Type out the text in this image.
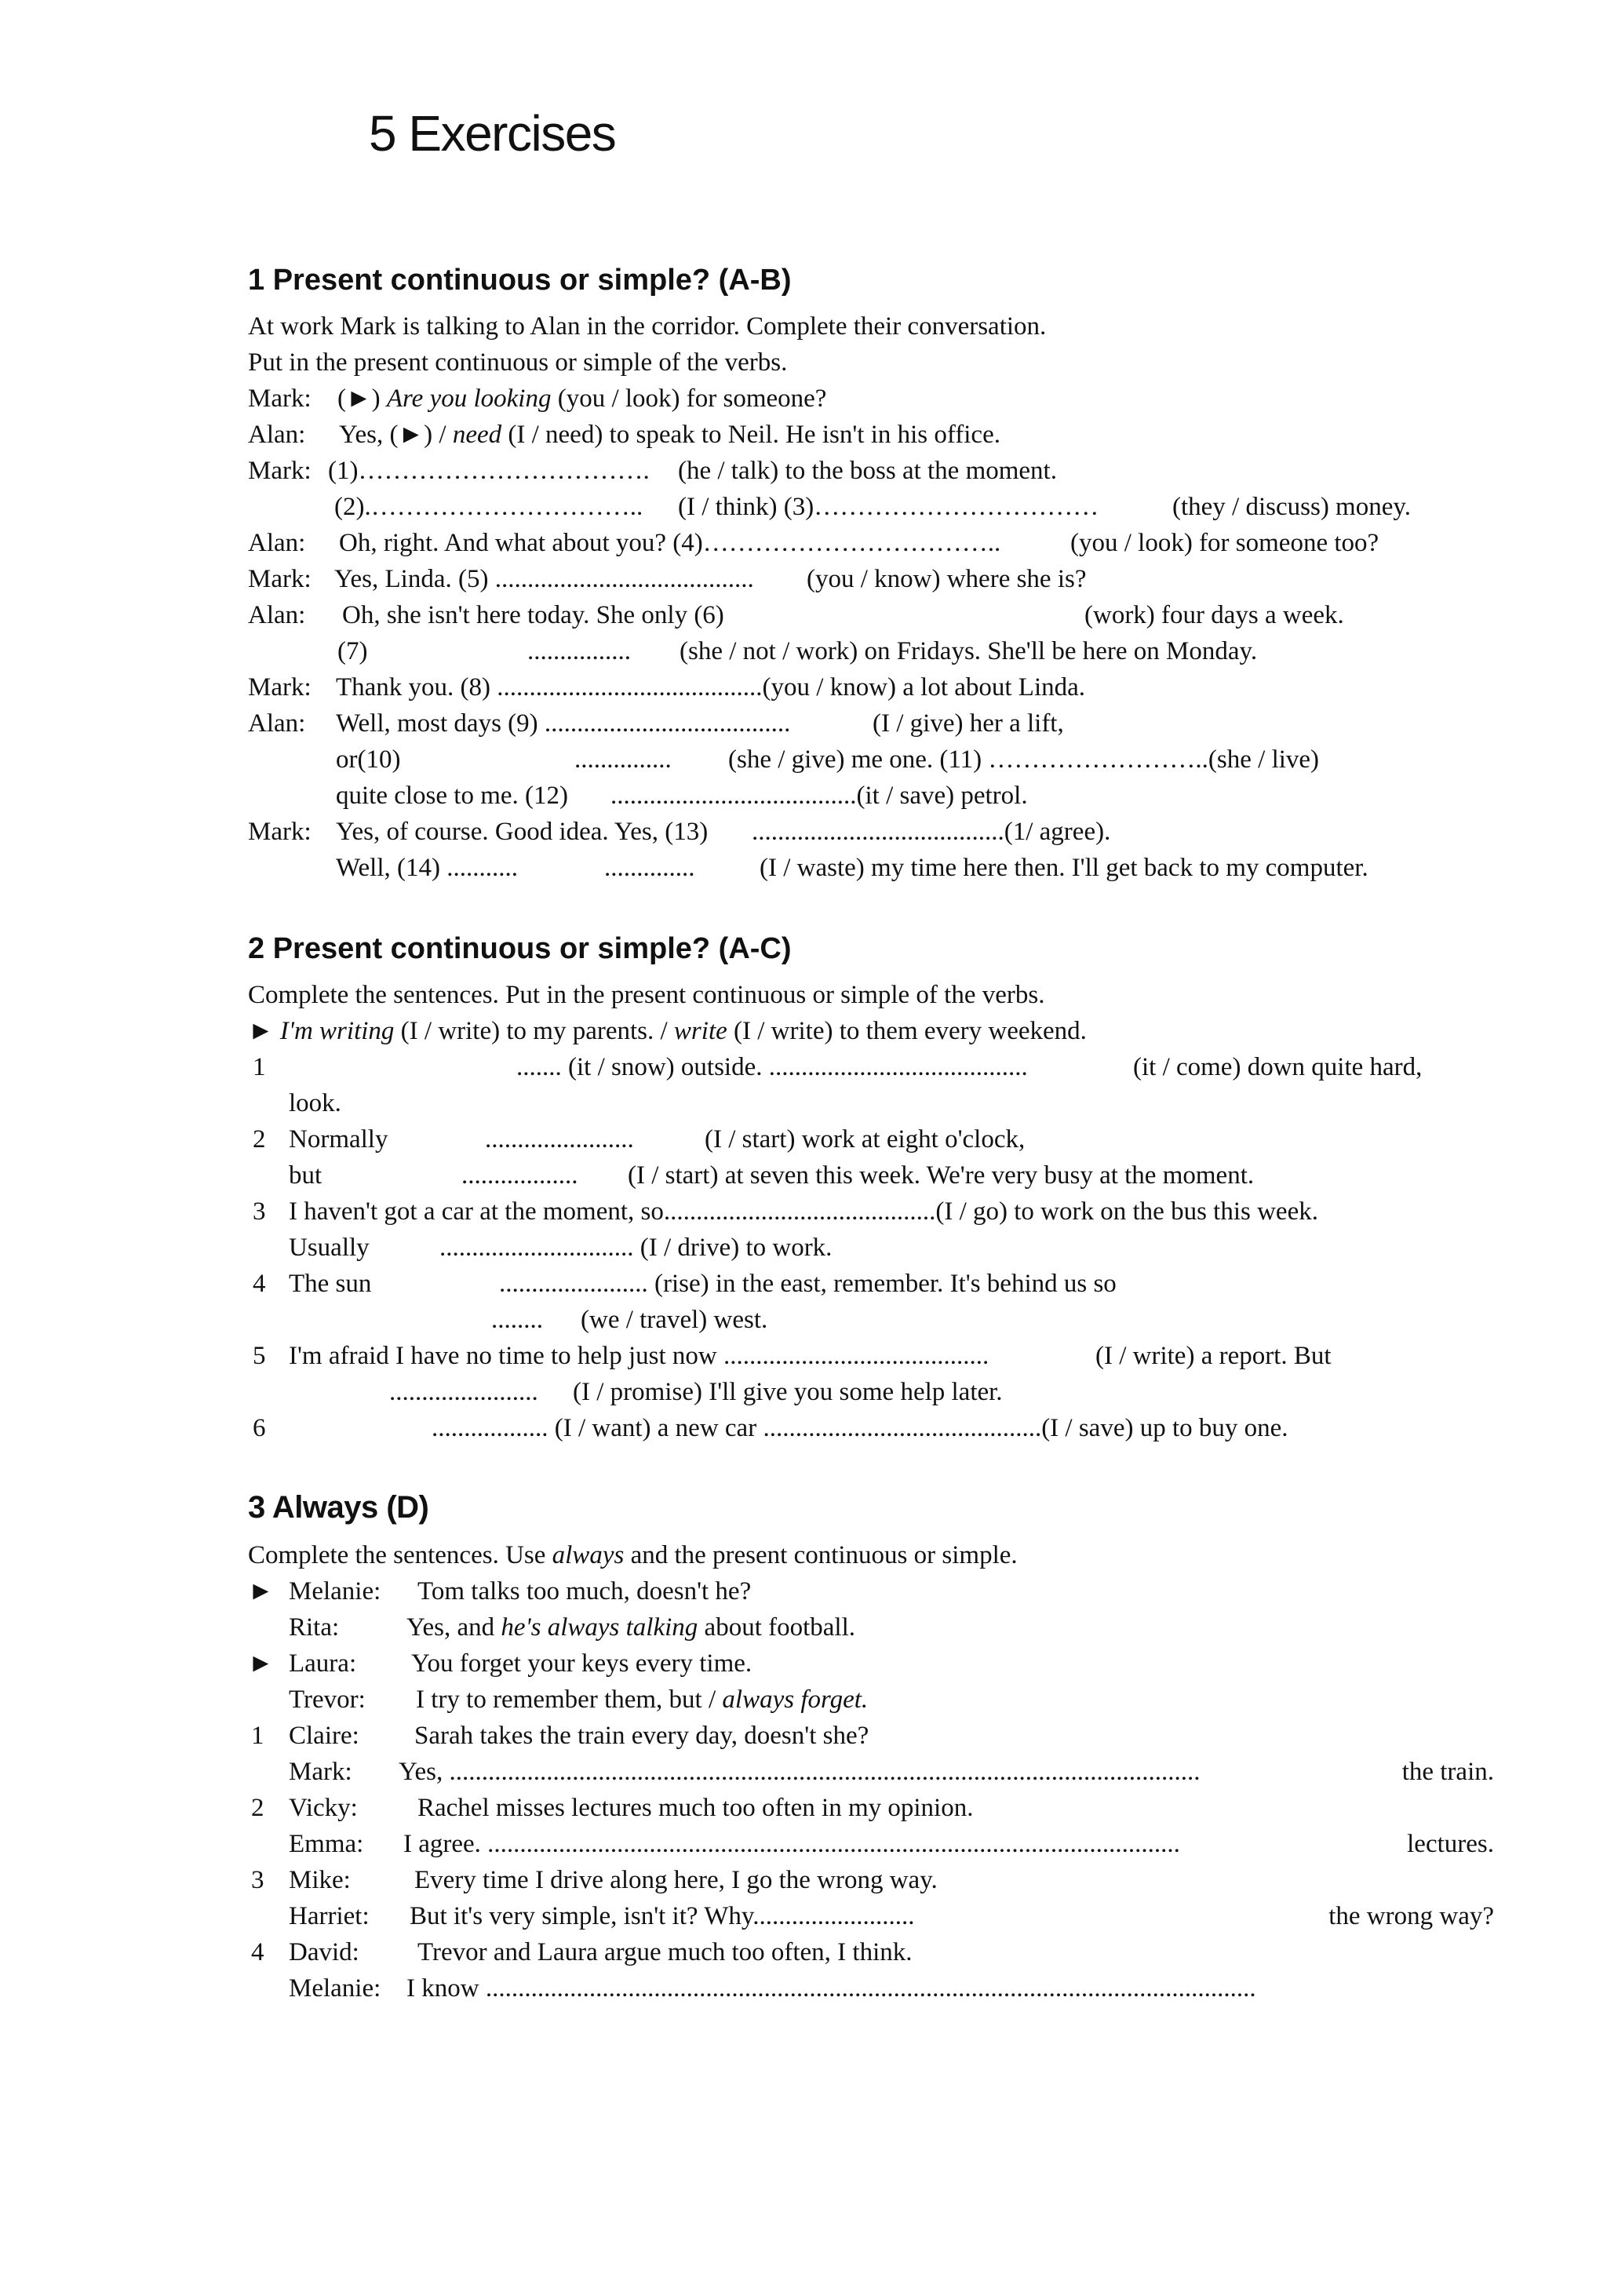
5 Exercises
1 Present continuous or simple? (A-B)
At work Mark is talking to Alan in the corridor. Complete their conversation.
Put in the present continuous or simple of the verbs.
Mark: (►) Are you looking (you / look) for someone?
Alan: Yes, (►) / need (I / need) to speak to Neil. He isn't in his office.
Mark: (1)……………………………. (he / talk) to the boss at the moment.
(2).………………………….. (I / think) (3)……………………………	(they / discuss) money.
Alan: Oh, right. And what about you? (4)……………………………..	(you / look) for someone too?
Mark: Yes, Linda. (5) ........................................ (you / know) where she is?
Alan: Oh, she isn't here today. She only (6)	(work) four days a week.
(7)	................ (she / not / work) on Fridays. She'll be here on Monday.
Mark: Thank you. (8) .........................................(you / know) a lot about Linda.
Alan: Well, most days (9) ......................................	(I / give) her a lift,
or(10)	............... (she / give) me one. (11) ……………………..(she / live)
quite close to me. (12) ......................................(it / save) petrol.
Mark: Yes, of course. Good idea. Yes, (13) .......................................(1/ agree).
Well, (14) ...........	..............	(I / waste) my time here then. I'll get back to my computer.
2 Present continuous or simple? (A-C)
Complete the sentences. Put in the present continuous or simple of the verbs.
► I'm writing (I / write) to my parents. / write (I / write) to them every weekend.
1	....... (it / snow) outside. ........................................	(it / come) down quite hard,
look.
2 Normally	.......................	(I / start) work at eight o'clock,
but	.................. (I / start) at seven this week. We're very busy at the moment.
3 I haven't got a car at the moment, so..........................................(I / go) to work on the bus this week.
Usually	.............................. (I / drive) to work.
4 The sun	....................... (rise) in the east, remember. It's behind us so
........ (we / travel) west.
5 I'm afraid I have no time to help just now .........................................	(I / write) a report. But
....................... (I / promise) I'll give you some help later.
6	.................. (I / want) a new car ...........................................(I / save) up to buy one.
3 Always (D)
Complete the sentences. Use always and the present continuous or simple.
► Melanie: Tom talks too much, doesn't he?
Rita:	Yes, and he's always talking about football.
► Laura: You forget your keys every time.
Trevor: I try to remember them, but / always forget.
1 Claire: Sarah takes the train every day, doesn't she?
Mark: Yes, ....................................................................................................................	the train.
2 Vicky: Rachel misses lectures much too often in my opinion.
Emma: I agree. ...........................................................................................................	lectures.
3 Mike: Every time I drive along here, I go the wrong way.
Harriet: But it's very simple, isn't it? Why.........................	the wrong way?
4 David: Trevor and Laura argue much too often, I think.
Melanie: I know .......................................................................................................................
